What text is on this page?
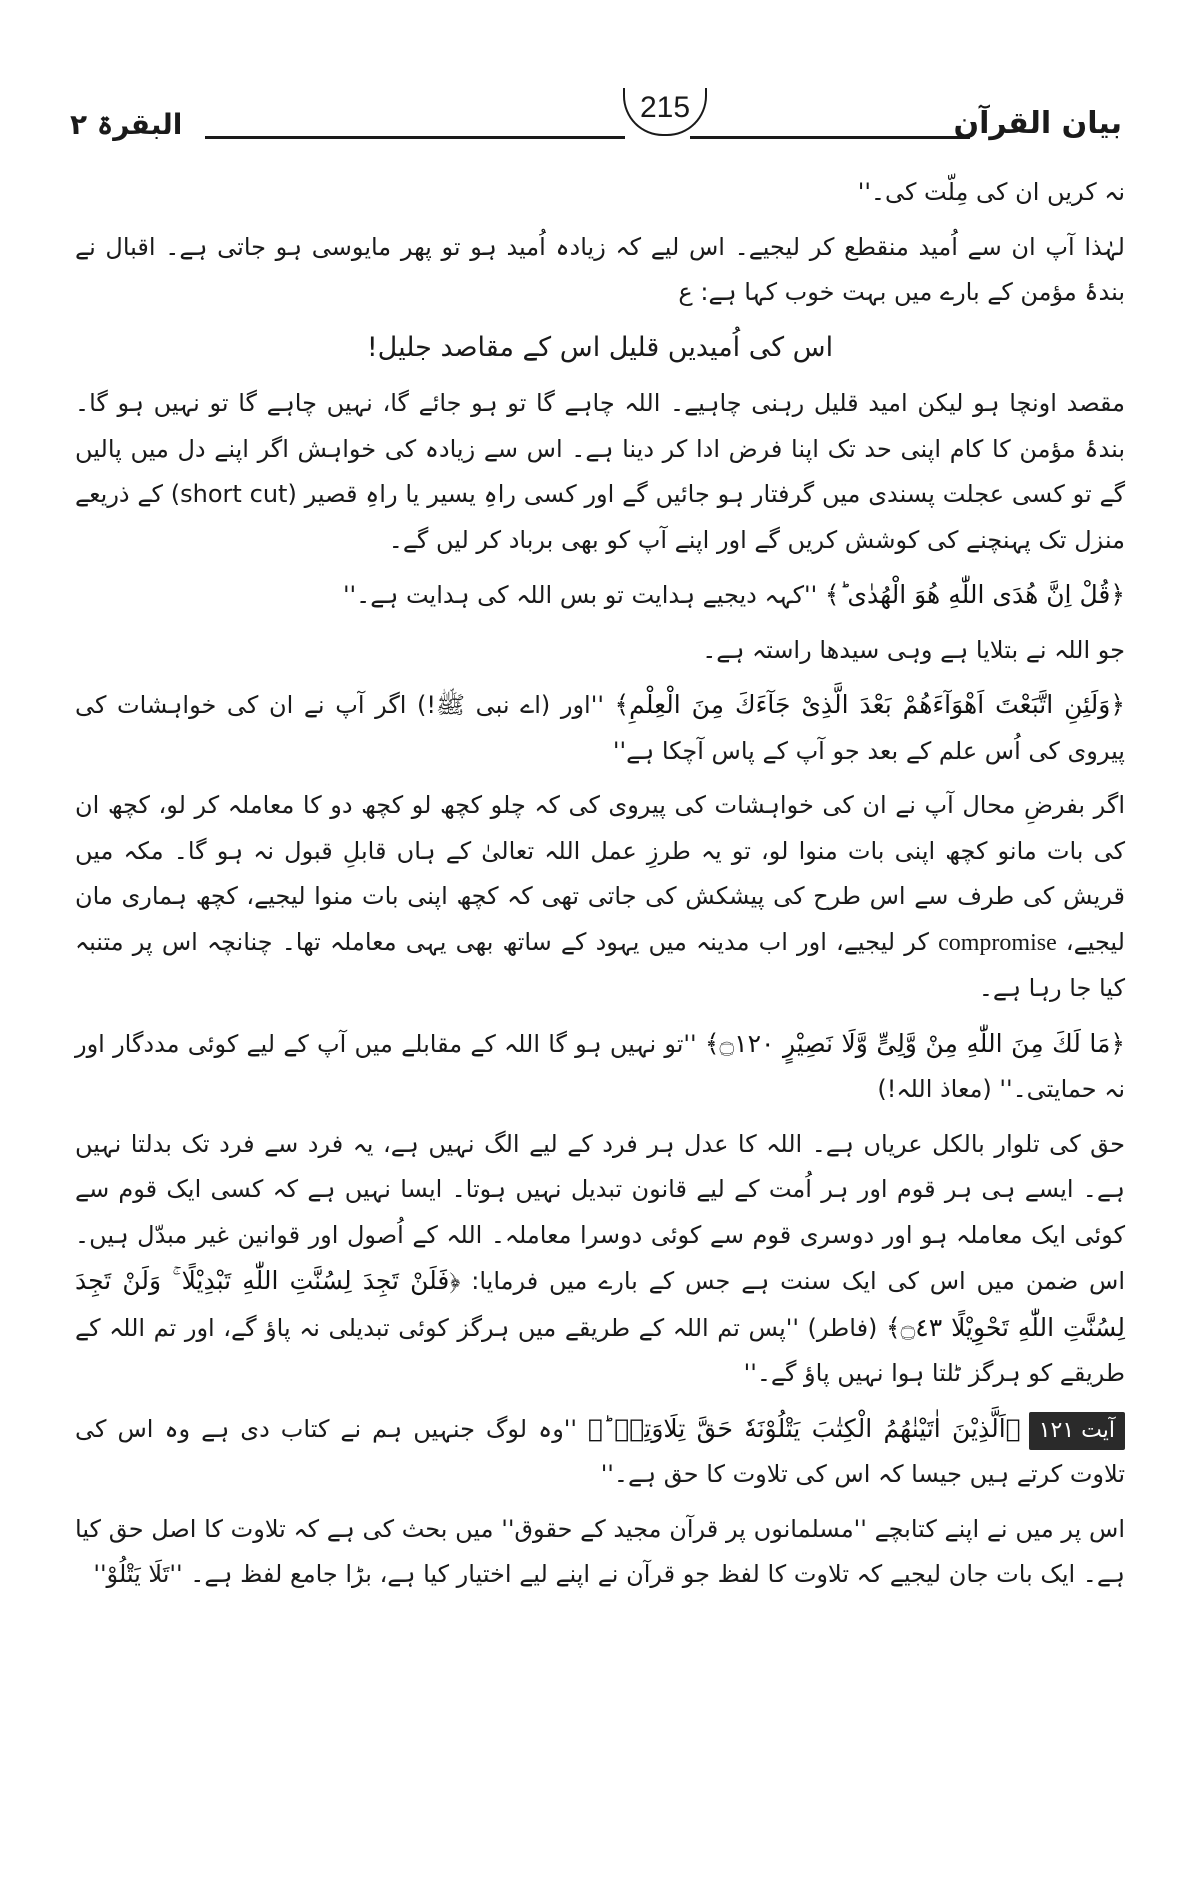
البقرۃ ۲
215	بیان القرآن

نہ کریں ان کی مِلّت کی۔''

لہٰذا آپ ان سے اُمید منقطع کر لیجیے۔ اس لیے کہ زیادہ اُمید ہو تو پھر مایوسی ہو جاتی ہے۔ اقبال نے بندۂ مؤمن کے بارے میں بہت خوب کہا ہے: ع

اس کی اُمیدیں قلیل اس کے مقاصد جلیل!

مقصد اونچا ہو لیکن امید قلیل رہنی چاہیے۔ اللہ چاہے گا تو ہو جائے گا، نہیں چاہے گا تو نہیں ہو گا۔ بندۂ مؤمن کا کام اپنی حد تک اپنا فرض ادا کر دینا ہے۔ اس سے زیادہ کی خواہش اگر اپنے دل میں پالیں گے تو کسی عجلت پسندی میں گرفتار ہو جائیں گے اور کسی راہِ یسیر یا راہِ قصیر (short cut) کے ذریعے منزل تک پہنچنے کی کوشش کریں گے اور اپنے آپ کو بھی برباد کر لیں گے۔

﴿قُلْ اِنَّ هُدَى اللّٰهِ هُوَ الْهُدٰى ؕ﴾ ''کہہ دیجیے ہدایت تو بس اللہ کی ہدایت ہے۔''

جو اللہ نے بتلایا ہے وہی سیدھا راستہ ہے۔

﴿وَلَئِنِ اتَّبَعْتَ اَهْوَآءَهُمْ بَعْدَ الَّذِىْ جَآءَكَ مِنَ الْعِلْمِ﴾ ''اور (اے نبی ﷺ!) اگر آپ نے ان کی خواہشات کی پیروی کی اُس علم کے بعد جو آپ کے پاس آچکا ہے''

اگر بفرضِ محال آپ نے ان کی خواہشات کی پیروی کی کہ چلو کچھ لو کچھ دو کا معاملہ کر لو، کچھ ان کی بات مانو کچھ اپنی بات منوا لو، تو یہ طرزِ عمل اللہ تعالیٰ کے ہاں قابلِ قبول نہ ہو گا۔ مکہ میں قریش کی طرف سے اس طرح کی پیشکش کی جاتی تھی کہ کچھ اپنی بات منوا لیجیے، کچھ ہماری مان لیجیے، compromise کر لیجیے، اور اب مدینہ میں یہود کے ساتھ بھی یہی معاملہ تھا۔ چنانچہ اس پر متنبہ کیا جا رہا ہے۔

﴿مَا لَكَ مِنَ اللّٰهِ مِنْ وَّلِىٍّ وَّلَا نَصِيْرٍ ۝١٢٠﴾ ''تو نہیں ہو گا اللہ کے مقابلے میں آپ کے لیے کوئی مددگار اور نہ حمایتی۔'' (معاذ اللہ!)

حق کی تلوار بالکل عریاں ہے۔ اللہ کا عدل ہر فرد کے لیے الگ نہیں ہے، یہ فرد سے فرد تک بدلتا نہیں ہے۔ ایسے ہی ہر قوم اور ہر اُمت کے لیے قانون تبدیل نہیں ہوتا۔ ایسا نہیں ہے کہ کسی ایک قوم سے کوئی ایک معاملہ ہو اور دوسری قوم سے کوئی دوسرا معاملہ۔ اللہ کے اُصول اور قوانین غیر مبدّل ہیں۔ اس ضمن میں اس کی ایک سنت ہے جس کے بارے میں فرمایا: ﴿فَلَنْ تَجِدَ لِسُنَّتِ اللّٰهِ تَبْدِيْلًا ۚ وَلَنْ تَجِدَ لِسُنَّتِ اللّٰهِ تَحْوِيْلًا ۝٤٣﴾ (فاطر) ''پس تم اللہ کے طریقے میں ہرگز کوئی تبدیلی نہ پاؤ گے، اور تم اللہ کے طریقے کو ہرگز ٹلتا ہوا نہیں پاؤ گے۔''

آیت ۱۲۱﴿اَلَّذِيْنَ اٰتَيْنٰهُمُ الْكِتٰبَ يَتْلُوْنَهٗ حَقَّ تِلَاوَتِهٖ ؕ﴾ ''وہ لوگ جنہیں ہم نے کتاب دی ہے وہ اس کی تلاوت کرتے ہیں جیسا کہ اس کی تلاوت کا حق ہے۔''

اس پر میں نے اپنے کتابچے ''مسلمانوں پر قرآن مجید کے حقوق'' میں بحث کی ہے کہ تلاوت کا اصل حق کیا ہے۔ ایک بات جان لیجیے کہ تلاوت کا لفظ جو قرآن نے اپنے لیے اختیار کیا ہے، بڑا جامع لفظ ہے۔ ''تَلَا يَتْلُوْ''
